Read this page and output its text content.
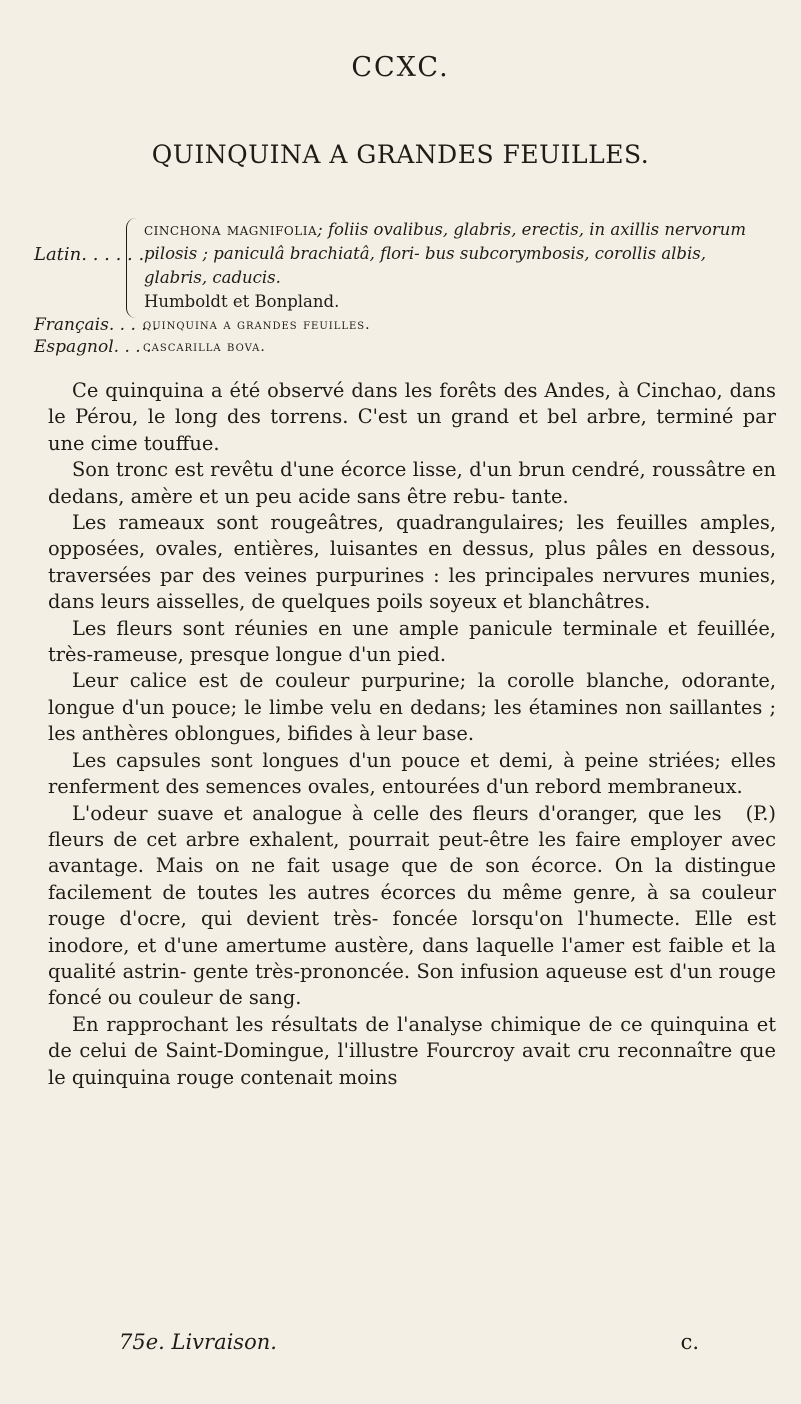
CCXC.
QUINQUINA A GRANDES FEUILLES.
Latin. . . . . .
cinchona magnifolia; foliis ovalibus, glabris, erectis, in axillis nervorum pilosis ; paniculâ brachiatâ, flori- bus subcorymbosis, corollis albis, glabris, caducis.
Humboldt et Bonpland.
Français. . . . .
quinquina a grandes feuilles.
Espagnol. . . .
cascarilla bova.

Ce quinquina a été observé dans les forêts des Andes, à Cinchao, dans le Pérou, le long des torrens. C'est un grand et bel arbre, terminé par une cime touffue.

Son tronc est revêtu d'une écorce lisse, d'un brun cendré, roussâtre en dedans, amère et un peu acide sans être rebu- tante.

Les rameaux sont rougeâtres, quadrangulaires; les feuilles amples, opposées, ovales, entières, luisantes en dessus, plus pâles en dessous, traversées par des veines purpurines : les principales nervures munies, dans leurs aisselles, de quelques poils soyeux et blanchâtres.

Les fleurs sont réunies en une ample panicule terminale et feuillée, très-rameuse, presque longue d'un pied.

Leur calice est de couleur purpurine; la corolle blanche, odorante, longue d'un pouce; le limbe velu en dedans; les étamines non saillantes ; les anthères oblongues, bifides à leur base.

Les capsules sont longues d'un pouce et demi, à peine striées; elles renferment des semences ovales, entourées d'un rebord membraneux.
(P.)

L'odeur suave et analogue à celle des fleurs d'oranger, que les fleurs de cet arbre exhalent, pourrait peut-être les faire employer avec avantage. Mais on ne fait usage que de son écorce. On la distingue facilement de toutes les autres écorces du même genre, à sa couleur rouge d'ocre, qui devient très- foncée lorsqu'on l'humecte. Elle est inodore, et d'une amertume austère, dans laquelle l'amer est faible et la qualité astrin- gente très-prononcée. Son infusion aqueuse est d'un rouge foncé ou couleur de sang.

En rapprochant les résultats de l'analyse chimique de ce quinquina et de celui de Saint-Domingue, l'illustre Fourcroy avait cru reconnaître que le quinquina rouge contenait moins

75e. Livraison.	c.
